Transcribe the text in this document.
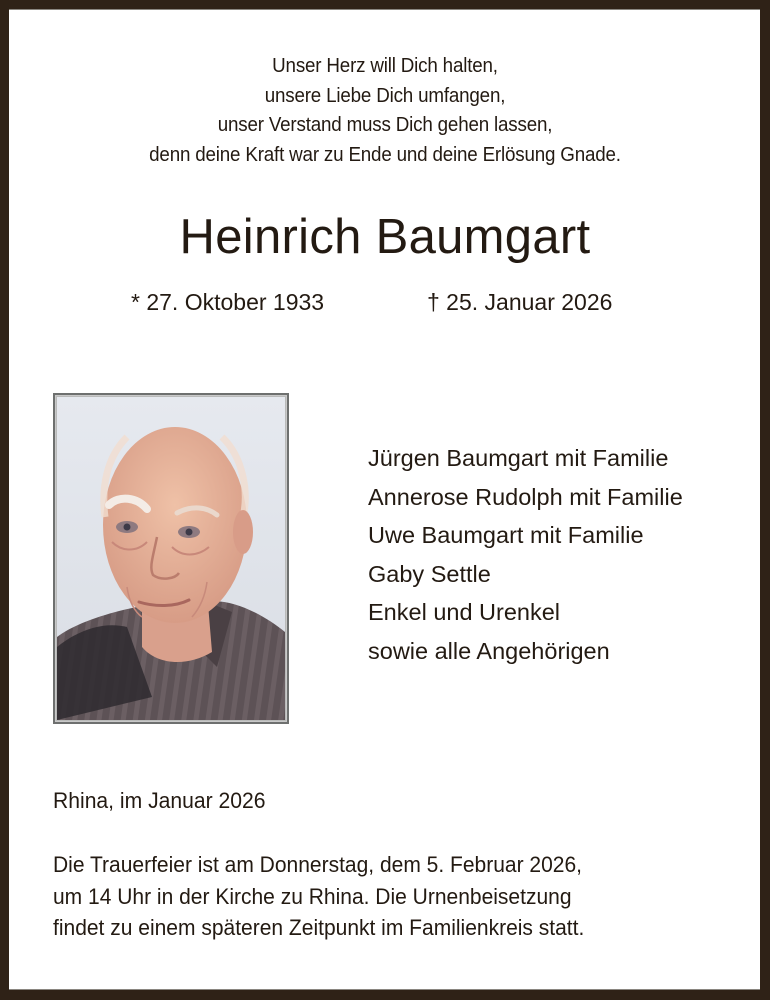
Unser Herz will Dich halten,
unsere Liebe Dich umfangen,
unser Verstand muss Dich gehen lassen,
denn deine Kraft war zu Ende und deine Erlösung Gnade.
Heinrich Baumgart
* 27. Oktober 1933	† 25. Januar 2026
Jürgen Baumgart mit Familie
Annerose Rudolph mit Familie
Uwe Baumgart mit Familie
Gaby Settle
Enkel und Urenkel
sowie alle Angehörigen
Rhina, im Januar 2026
Die Trauerfeier ist am Donnerstag, dem 5. Februar 2026,
um 14 Uhr in der Kirche zu Rhina. Die Urnenbeisetzung
findet zu einem späteren Zeitpunkt im Familienkreis statt.
